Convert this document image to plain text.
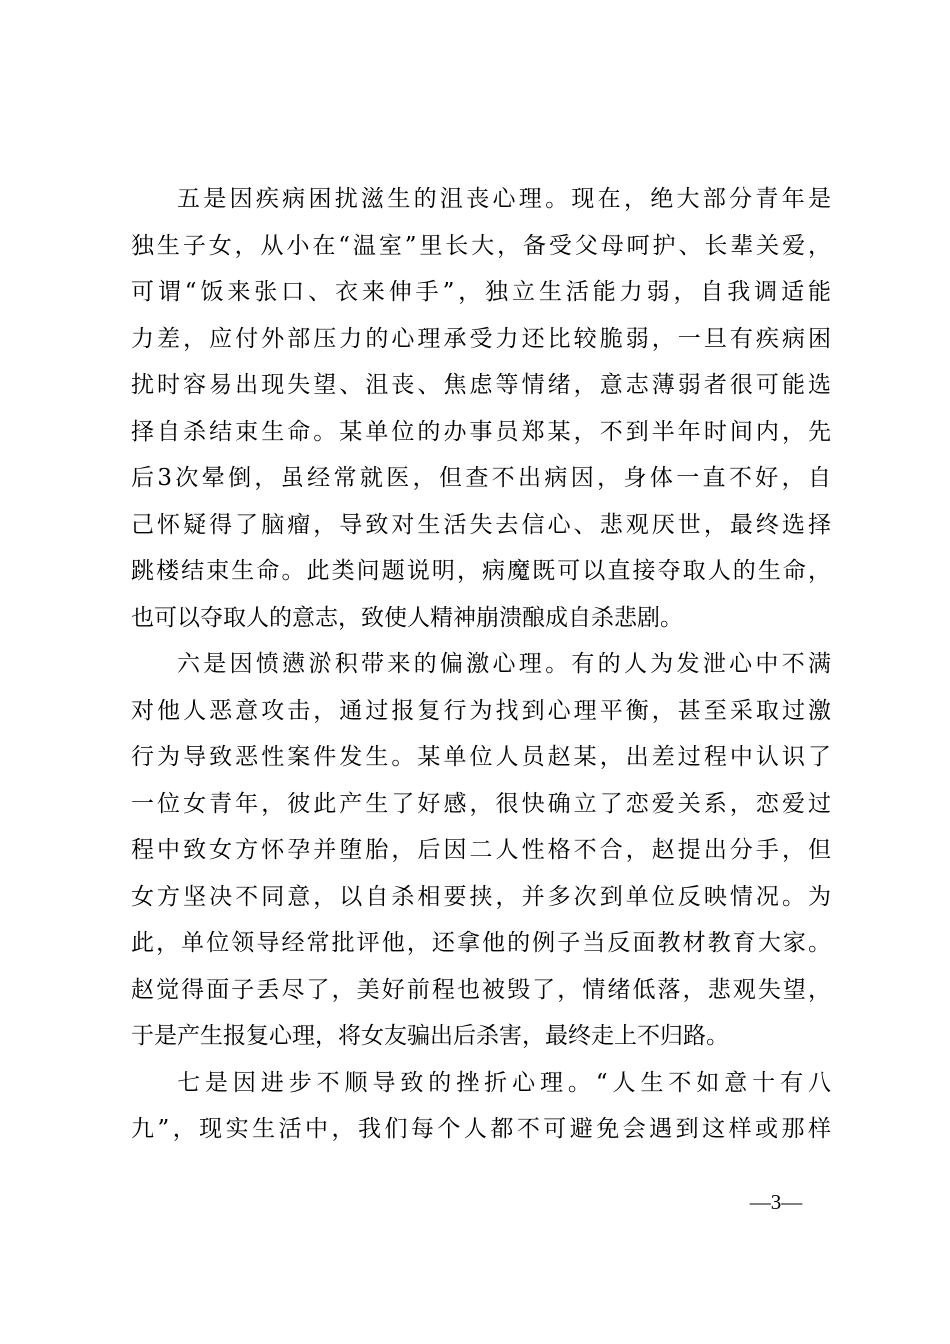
五是因疾病困扰滋生的沮丧心理。现在，绝大部分青年是
独生子女，从小在“温室”里长大，备受父母呵护、长辈关爱，
可谓“饭来张口、衣来伸手”，独立生活能力弱，自我调适能
力差，应付外部压力的心理承受力还比较脆弱，一旦有疾病困
扰时容易出现失望、沮丧、焦虑等情绪，意志薄弱者很可能选
择自杀结束生命。某单位的办事员郑某，不到半年时间内，先
后3次晕倒，虽经常就医，但查不出病因，身体一直不好，自
己怀疑得了脑瘤，导致对生活失去信心、悲观厌世，最终选择
跳楼结束生命。此类问题说明，病魔既可以直接夺取人的生命，
也可以夺取人的意志，致使人精神崩溃酿成自杀悲剧。
六是因愤懑淤积带来的偏激心理。有的人为发泄心中不满
对他人恶意攻击，通过报复行为找到心理平衡，甚至采取过激
行为导致恶性案件发生。某单位人员赵某，出差过程中认识了
一位女青年，彼此产生了好感，很快确立了恋爱关系，恋爱过
程中致女方怀孕并堕胎，后因二人性格不合，赵提出分手，但
女方坚决不同意，以自杀相要挟，并多次到单位反映情况。为
此，单位领导经常批评他，还拿他的例子当反面教材教育大家。
赵觉得面子丢尽了，美好前程也被毁了，情绪低落，悲观失望，
于是产生报复心理，将女友骗出后杀害，最终走上不归路。
七是因进步不顺导致的挫折心理。“人生不如意十有八
九”，现实生活中，我们每个人都不可避免会遇到这样或那样
—3—
